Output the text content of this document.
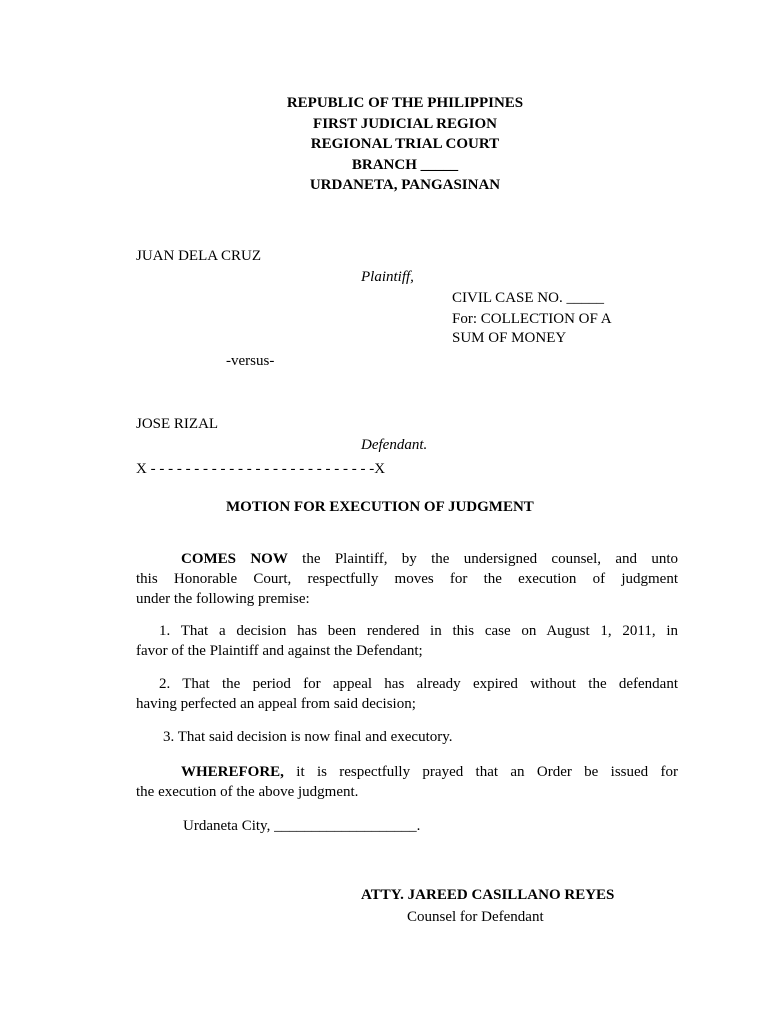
REPUBLIC OF THE PHILIPPINES
FIRST JUDICIAL REGION
REGIONAL TRIAL COURT
BRANCH _____
URDANETA, PANGASINAN
JUAN DELA CRUZ
Plaintiff,
CIVIL CASE NO. _____
For: COLLECTION OF A
SUM OF MONEY
-versus-
JOSE RIZAL
Defendant.
X - - - - - - - - - - - - - - - - - - - - - - - - - -X
MOTION FOR EXECUTION OF JUDGMENT
COMES NOW the Plaintiff, by the undersigned counsel, and unto
this Honorable Court, respectfully moves for the execution of judgment
under the following premise:
1. That a decision has been rendered in this case on August 1, 2011, in
favor of the Plaintiff and against the Defendant;
2. That the period for appeal has already expired without the defendant
having perfected an appeal from said decision;
3. That said decision is now final and executory.
WHEREFORE, it is respectfully prayed that an Order be issued for
the execution of the above judgment.
Urdaneta City, ___________________.
ATTY. JAREED CASILLANO REYES
Counsel for Defendant
